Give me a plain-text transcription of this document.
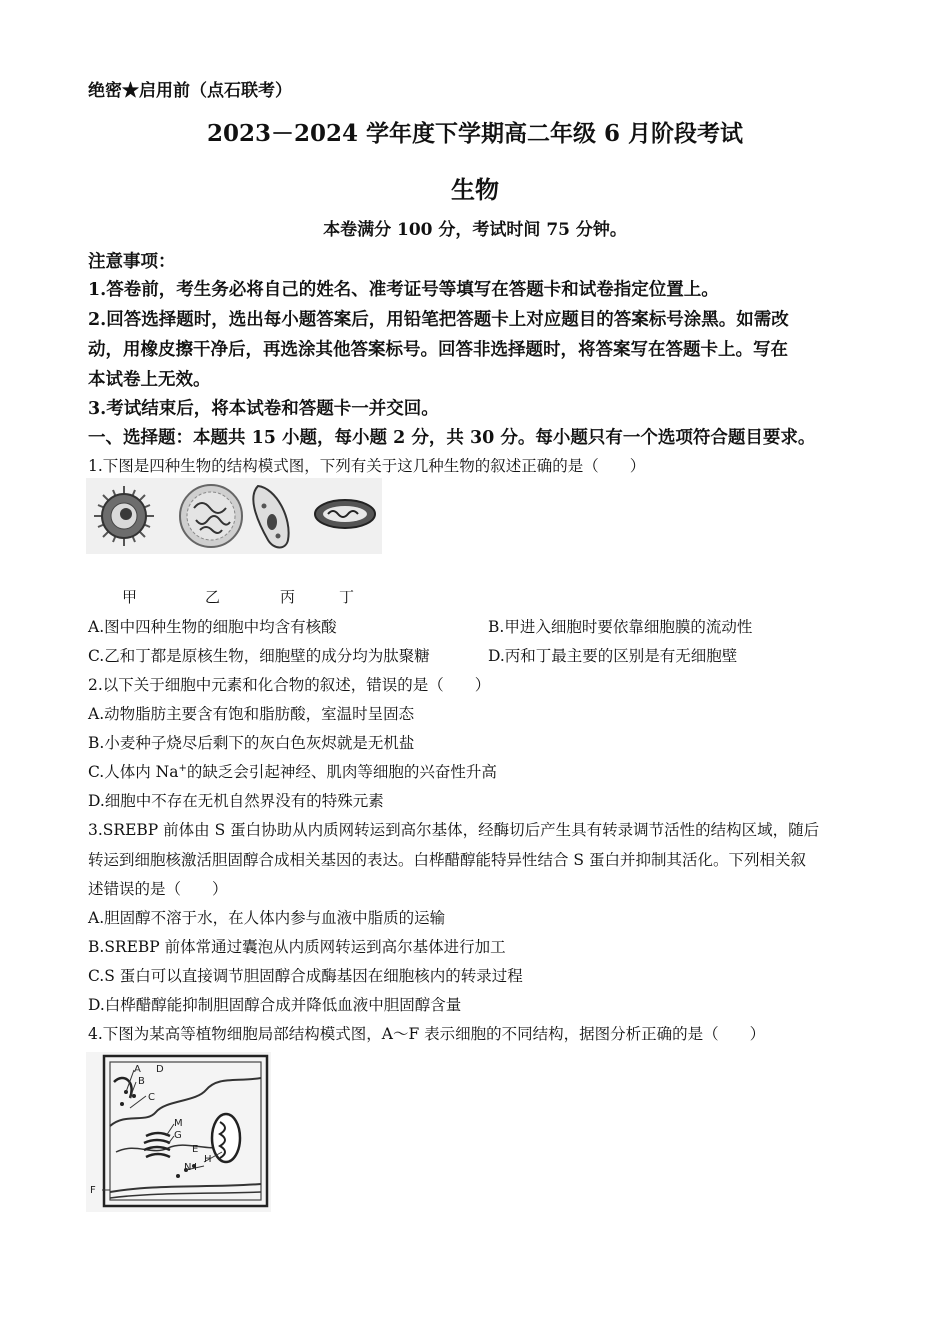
绝密★启用前（点石联考）
2023－2024 学年度下学期高二年级 6 月阶段考试
生物
本卷满分 100 分，考试时间 75 分钟。
注意事项：
1.答卷前，考生务必将自己的姓名、准考证号等填写在答题卡和试卷指定位置上。
2.回答选择题时，选出每小题答案后，用铅笔把答题卡上对应题目的答案标号涂黑。如需改
动，用橡皮擦干净后，再选涂其他答案标号。回答非选择题时，将答案写在答题卡上。写在
本试卷上无效。
3.考试结束后，将本试卷和答题卡一并交回。
一、选择题：本题共 15 小题，每小题 2 分，共 30 分。每小题只有一个选项符合题目要求。
1.下图是四种生物的结构模式图，下列有关于这几种生物的叙述正确的是（　　）
甲	乙	丙	丁
A.图中四种生物的细胞中均含有核酸	B.甲进入细胞时要依靠细胞膜的流动性
C.乙和丁都是原核生物，细胞壁的成分均为肽聚糖	D.丙和丁最主要的区别是有无细胞壁
2.以下关于细胞中元素和化合物的叙述，错误的是（　　）
A.动物脂肪主要含有饱和脂肪酸，室温时呈固态
B.小麦种子烧尽后剩下的灰白色灰烬就是无机盐
C.人体内 Na+的缺乏会引起神经、肌肉等细胞的兴奋性升高
D.细胞中不存在无机自然界没有的特殊元素
3.SREBP 前体由 S 蛋白协助从内质网转运到高尔基体，经酶切后产生具有转录调节活性的结构区域，随后
转运到细胞核激活胆固醇合成相关基因的表达。白桦醋醇能特异性结合 S 蛋白并抑制其活化。下列相关叙
述错误的是（　　）
A.胆固醇不溶于水，在人体内参与血液中脂质的运输
B.SREBP 前体常通过囊泡从内质网转运到高尔基体进行加工
C.S 蛋白可以直接调节胆固醇合成酶基因在细胞核内的转录过程
D.白桦醋醇能抑制胆固醇合成并降低血液中胆固醇含量
4.下图为某高等植物细胞局部结构模式图，A～F 表示细胞的不同结构，据图分析正确的是（　　）
A D
B
C
M
G
E
H
N I
F
